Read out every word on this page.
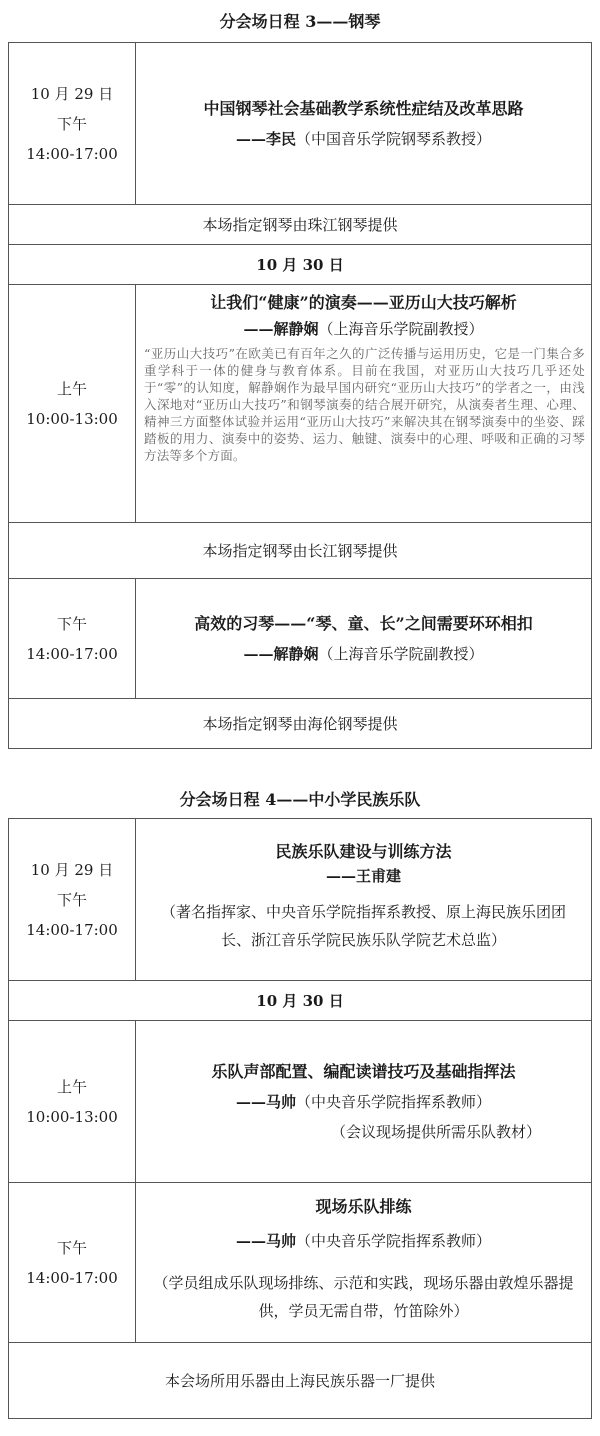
分会场日程 3——钢琴
10 月 29 日
下午
14:00-17:00	中国钢琴社会基础教学系统性症结及改革思路
——李民（中国音乐学院钢琴系教授）

本场指定钢琴由珠江钢琴提供	
10 月 30 日	

上午
10:00-13:00	让我们“健康”的演奏——亚历山大技巧解析
——解静娴（上海音乐学院副教授）
“亚历山大技巧”在欧美已有百年之久的广泛传播与运用历史，它是一门集合多重学科于一体的健身与教育体系。目前在我国，对亚历山大技巧几乎还处于“零”的认知度，解静娴作为最早国内研究“亚历山大技巧”的学者之一，由浅入深地对“亚历山大技巧”和钢琴演奏的结合展开研究，从演奏者生理、心理、精神三方面整体试验并运用“亚历山大技巧”来解决其在钢琴演奏中的坐姿、踩踏板的用力、演奏中的姿势、运力、触键、演奏中的心理、呼吸和正确的习琴方法等多个方面。

本场指定钢琴由长江钢琴提供	

下午
14:00-17:00	高效的习琴——“琴、童、长”之间需要环环相扣
——解静娴（上海音乐学院副教授）

本场指定钢琴由海伦钢琴提供	
分会场日程 4——中小学民族乐队
10 月 29 日
下午
14:00-17:00	民族乐队建设与训练方法
——王甫建
（著名指挥家、中央音乐学院指挥系教授、原上海民族乐团团长、浙江音乐学院民族乐队学院艺术总监）

10 月 30 日	

上午
10:00-13:00	乐队声部配置、编配读谱技巧及基础指挥法
——马帅（中央音乐学院指挥系教师）
（会议现场提供所需乐队教材）

下午
14:00-17:00	现场乐队排练
——马帅（中央音乐学院指挥系教师）
（学员组成乐队现场排练、示范和实践，现场乐器由敦煌乐器提供，学员无需自带，竹笛除外）

本会场所用乐器由上海民族乐器一厂提供	
